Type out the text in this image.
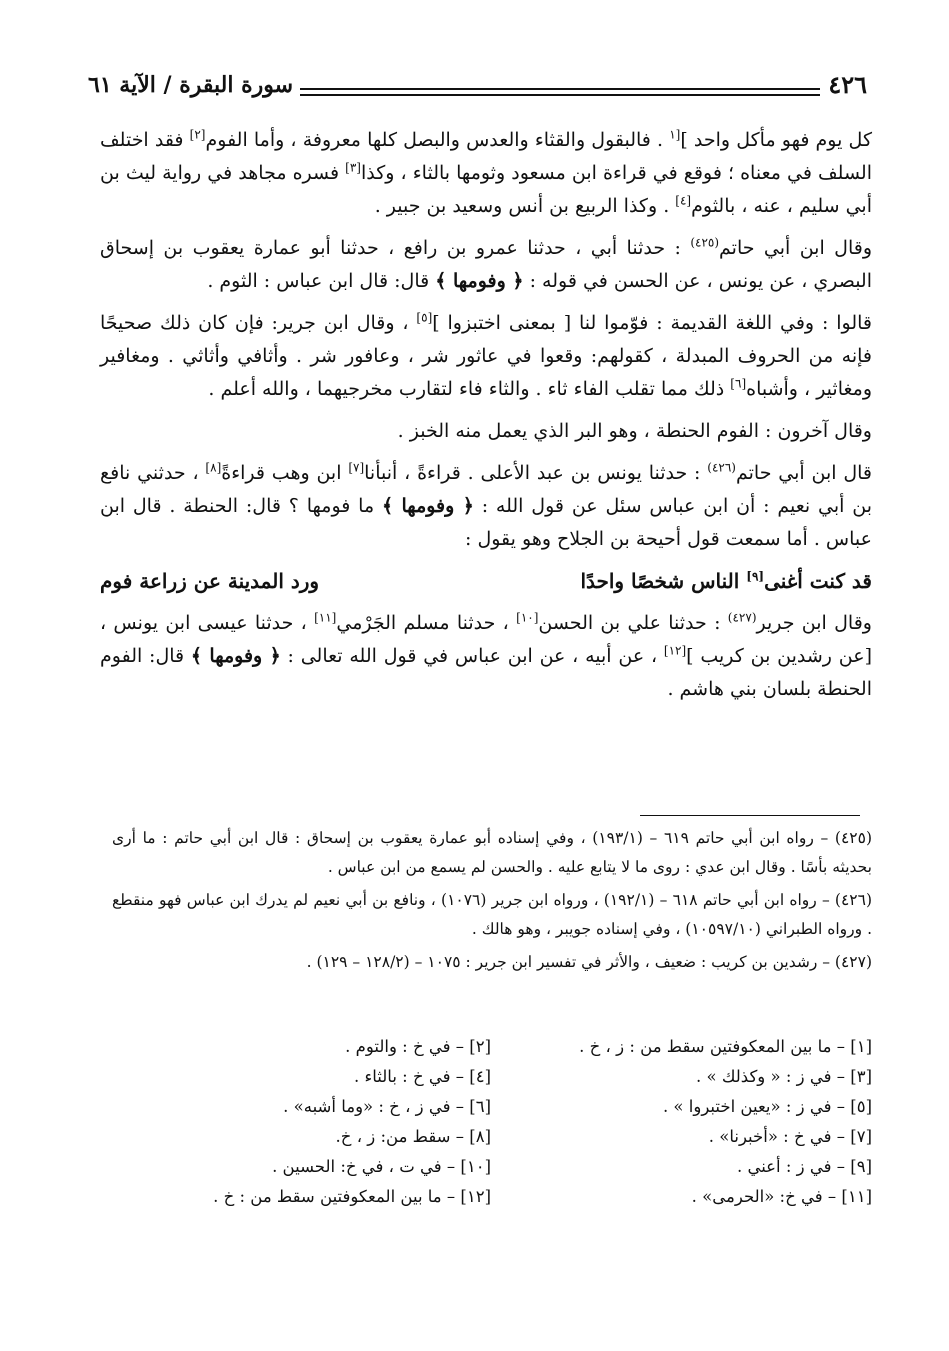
٤٢٦
سورة البقرة / الآية ٦١

كل يوم فهو مأكل واحد ]$^{[١}$ . فالبقول والقثاء والعدس والبصل كلها معروفة ، وأما الفوم[٢] فقد اختلف السلف في معناه ؛ فوقع في قراءة ابن مسعود وثومها بالثاء ، وكذا[٣] فسره مجاهد في رواية ليث بن أبي سليم ، عنه ، بالثوم[٤] . وكذا الربيع بن أنس وسعيد بن جبير .

وقال ابن أبي حاتم$^{(٤٢٥)}$ : حدثنا أبي ، حدثنا عمرو بن رافع ، حدثنا أبو عمارة يعقوب بن إسحاق البصري ، عن يونس ، عن الحسن في قوله : ﴿ وفومها ﴾ قال: قال ابن عباس : الثوم .

قالوا : وفي اللغة القديمة : فوّموا لنا [ بمعنى اختبزوا ][٥] ، وقال ابن جرير: فإن كان ذلك صحيحًا فإنه من الحروف المبدلة ، كقولهم: وقعوا في عاثور شر ، وعافور شر . وأثافي وأثاثي . ومغافير ومغاثير ، وأشباه[٦] ذلك مما تقلب الفاء ثاء . والثاء فاء لتقارب مخرجيهما ، والله أعلم .

وقال آخرون : الفوم الحنطة ، وهو البر الذي يعمل منه الخبز .

قال ابن أبي حاتم$^{(٤٢٦)}$ : حدثنا يونس بن عبد الأعلى . قراءةً ، أنبأنا[٧] ابن وهب قراءةً[٨] ، حدثني نافع بن أبي نعيم : أن ابن عباس سئل عن قول الله : ﴿ وفومها ﴾ ما فومها ؟ قال: الحنطة . قال ابن عباس . أما سمعت قول أحيحة بن الجلاح وهو يقول :

قد كنت أغنى[٩] الناس شخصًا واحدًا
ورد المدينة عن زراعة فوم

وقال ابن جرير$^{(٤٢٧)}$ : حدثنا علي بن الحسن[١٠] ، حدثنا مسلم الجَرْمي[١١] ، حدثنا عيسى ابن يونس ، [عن رشدين بن كريب ][١٢] ، عن أبيه ، عن ابن عباس في قول الله تعالى : ﴿ وفومها ﴾ قال: الفوم الحنطة بلسان بني هاشم .

(٤٢٥) – رواه ابن أبي حاتم ٦١٩ – (١٩٣/١) ، وفي إسناده أبو عمارة يعقوب بن إسحاق : قال ابن أبي حاتم : ما أرى بحديثه بأسًا . وقال ابن عدي : روى ما لا يتابع عليه . والحسن لم يسمع من ابن عباس .

(٤٢٦) – رواه ابن أبي حاتم ٦١٨ – (١٩٢/١) ، ورواه ابن جرير (١٠٧٦) ، ونافع بن أبي نعيم لم يدرك ابن عباس فهو منقطع . ورواه الطبراني (١٠٥٩٧/١٠) ، وفي إسناده جويبر ، وهو هالك .

(٤٢٧) – رشدين بن كريب : ضعيف ، والأثر في تفسير ابن جرير : ١٠٧٥ – (١٢٨/٢ – ١٢٩) .

[١] – ما بين المعكوفتين سقط من : ز ، خ .
[٢] – في خ : والتوم .
[٣] – في ز : « وكذلك » .
[٤] – في خ : بالثاء .
[٥] – في ز : «يعين اختبروا » .
[٦] – في ز ، خ : «وما أشبه» .
[٧] – في خ : «أخبرنا» .
[٨] – سقط من: ز ، خ.
[٩] – في ز : أعني .
[١٠] – في ت ، في خ: الحسين .
[١١] – في خ: «الحرمى» .
[١٢] – ما بين المعكوفتين سقط من : خ .
